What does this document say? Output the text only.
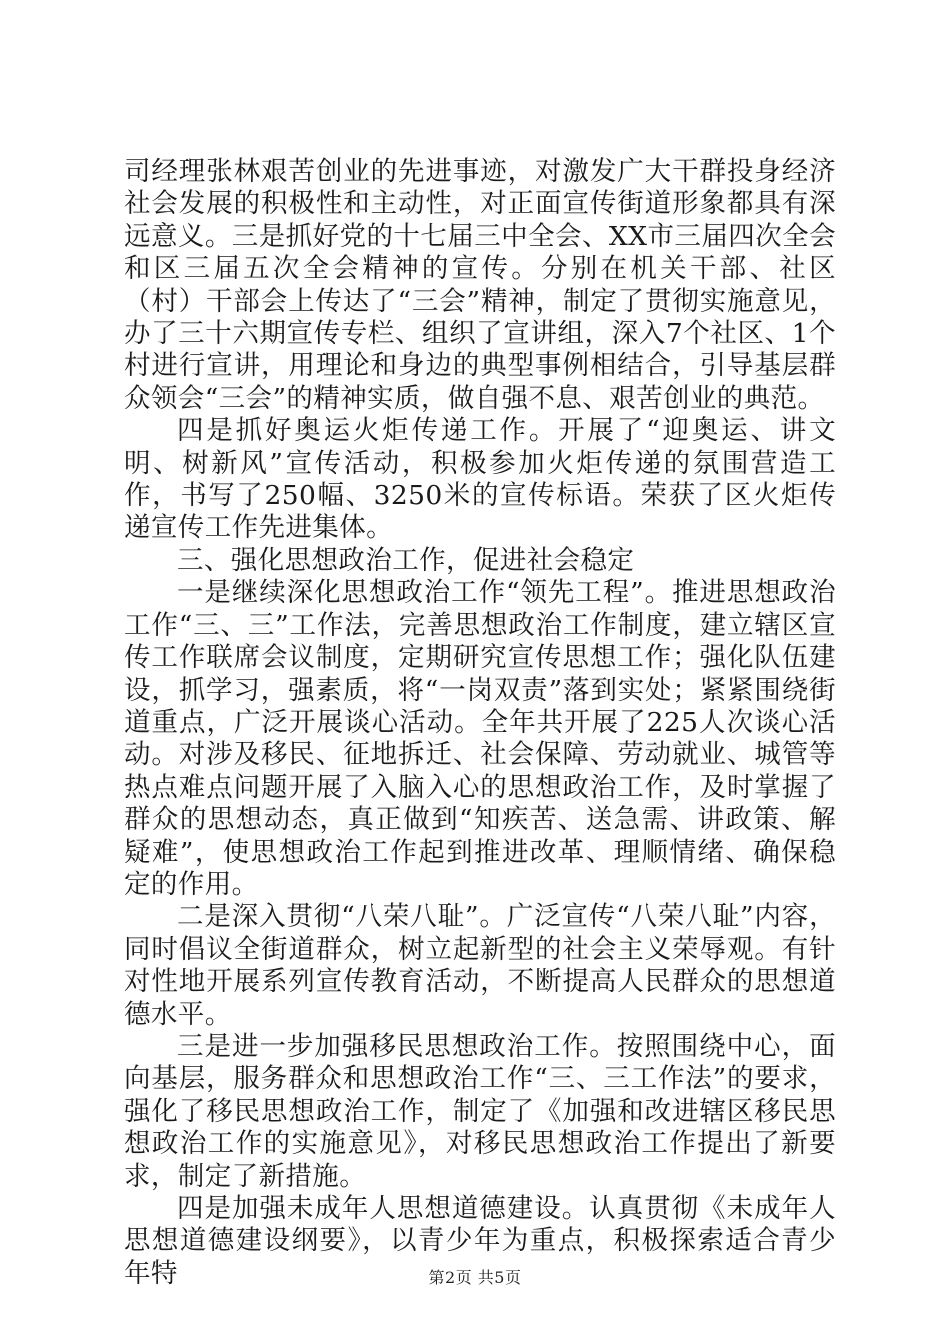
司经理张林艰苦创业的先进事迹，对激发广大干群投身经济社会发展的积极性和主动性，对正面宣传街道形象都具有深远意义。三是抓好党的十七届三中全会、XX市三届四次全会和区三届五次全会精神的宣传。分别在机关干部、社区（村）干部会上传达了“三会”精神，制定了贯彻实施意见，办了三十六期宣传专栏、组织了宣讲组，深入7个社区、1个村进行宣讲，用理论和身边的典型事例相结合，引导基层群众领会“三会”的精神实质，做自强不息、艰苦创业的典范。

四是抓好奥运火炬传递工作。开展了“迎奥运、讲文明、树新风”宣传活动，积极参加火炬传递的氛围营造工作，书写了250幅、3250米的宣传标语。荣获了区火炬传递宣传工作先进集体。

三、强化思想政治工作，促进社会稳定

一是继续深化思想政治工作“领先工程”。推进思想政治工作“三、三”工作法，完善思想政治工作制度，建立辖区宣传工作联席会议制度，定期研究宣传思想工作；强化队伍建设，抓学习，强素质，将“一岗双责”落到实处；紧紧围绕街道重点，广泛开展谈心活动。全年共开展了225人次谈心活动。对涉及移民、征地拆迁、社会保障、劳动就业、城管等热点难点问题开展了入脑入心的思想政治工作，及时掌握了群众的思想动态，真正做到“知疾苦、送急需、讲政策、解疑难”，使思想政治工作起到推进改革、理顺情绪、确保稳定的作用。

二是深入贯彻“八荣八耻”。广泛宣传“八荣八耻”内容，同时倡议全街道群众，树立起新型的社会主义荣辱观。有针对性地开展系列宣传教育活动，不断提高人民群众的思想道德水平。

三是进一步加强移民思想政治工作。按照围绕中心，面向基层，服务群众和思想政治工作“三、三工作法”的要求，强化了移民思想政治工作，制定了《加强和改进辖区移民思想政治工作的实施意见》，对移民思想政治工作提出了新要求，制定了新措施。

四是加强未成年人思想道德建设。认真贯彻《未成年人思想道德建设纲要》，以青少年为重点，积极探索适合青少年特	第2页 共5页
